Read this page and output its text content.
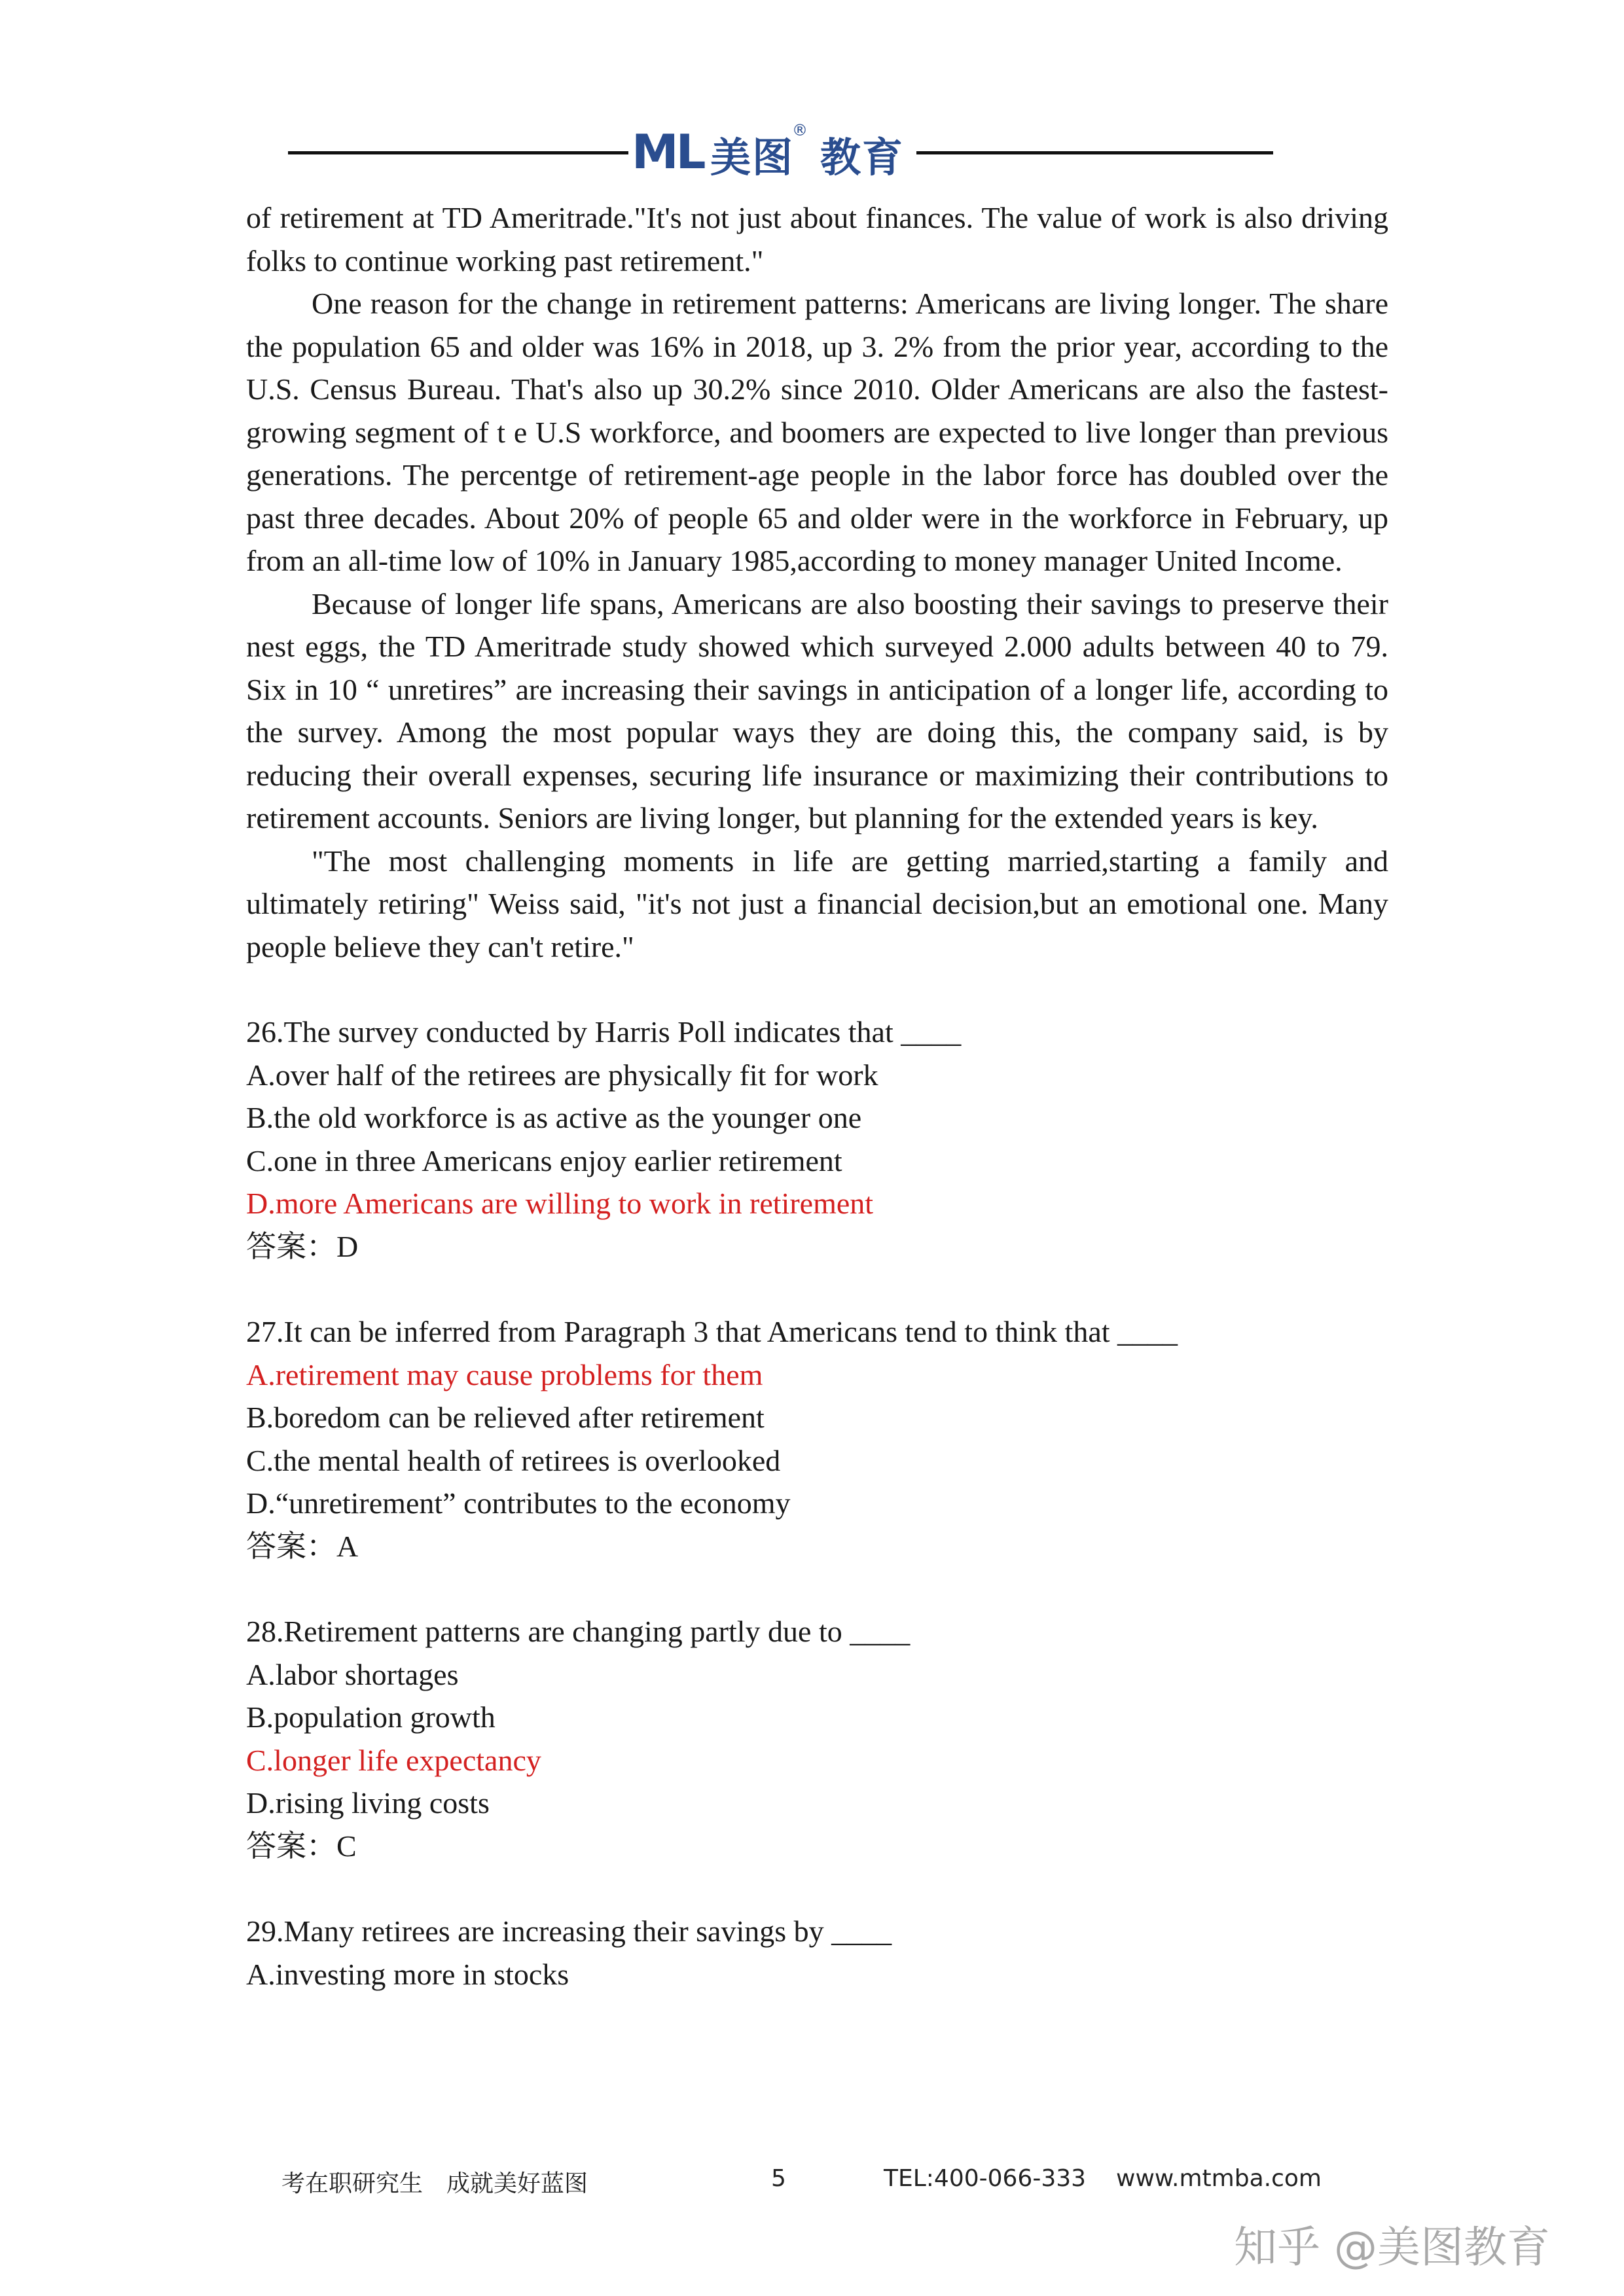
ML 美图 教育
®

of retirement at TD Ameritrade."It's not just about finances. The value of work is also driving folks to continue working past retirement."

One reason for the change in retirement patterns: Americans are living longer. The share the population 65 and older was 16% in 2018, up 3. 2% from the prior year, according to the U.S. Census Bureau. That's also up 30.2% since 2010. Older Americans are also the fastest-growing segment of t e U.S workforce, and boomers are expected to live longer than previous generations. The percentge of retirement-age people in the labor force has doubled over the past three decades. About 20% of people 65 and older were in the workforce in February, up from an all-time low of 10% in January 1985,according to money manager United Income.

Because of longer life spans, Americans are also boosting their savings to preserve their nest eggs, the TD Ameritrade study showed which surveyed 2.000 adults between 40 to 79. Six in 10 “ unretires” are increasing their savings in anticipation of a longer life, according to the survey. Among the most popular ways they are doing this, the company said, is by reducing their overall expenses, securing life insurance or maximizing their contributions to retirement accounts. Seniors are living longer, but planning for the extended years is key.

"The most challenging moments in life are getting married,starting a family and ultimately retiring" Weiss said, "it's not just a financial decision,but an emotional one. Many people believe they can't retire."

26.The survey conducted by Harris Poll indicates that ____

A.over half of the retirees are physically fit for work

B.the old workforce is as active as the younger one

C.one in three Americans enjoy earlier retirement

D.more Americans are willing to work in retirement

答案：D

27.It can be inferred from Paragraph 3 that Americans tend to think that ____

A.retirement may cause problems for them

B.boredom can be relieved after retirement

C.the mental health of retirees is overlooked

D.“unretirement” contributes to the economy

答案：A

28.Retirement patterns are changing partly due to ____

A.labor shortages

B.population growth

C.longer life expectancy

D.rising living costs

答案：C

29.Many retirees are increasing their savings by ____

A.investing more in stocks

考在职研究生　成就美好蓝图	5	TEL:400-066-333 www.mtmba.com
知乎 @美图教育
